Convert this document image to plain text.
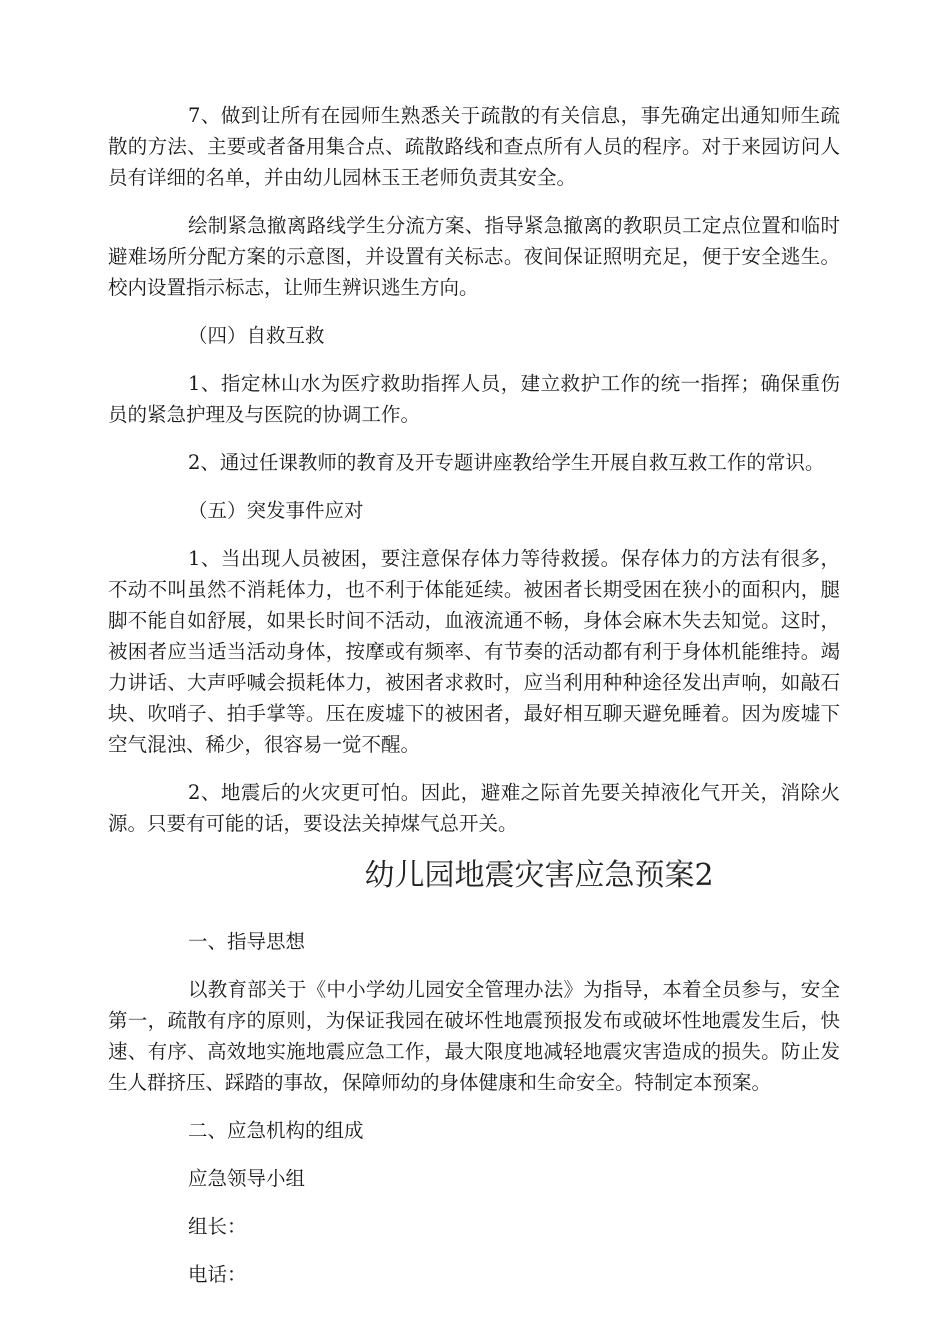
7、做到让所有在园师生熟悉关于疏散的有关信息，事先确定出通知师生疏散的方法、主要或者备用集合点、疏散路线和查点所有人员的程序。对于来园访问人员有详细的名单，并由幼儿园林玉王老师负责其安全。

绘制紧急撤离路线学生分流方案、指导紧急撤离的教职员工定点位置和临时避难场所分配方案的示意图，并设置有关标志。夜间保证照明充足，便于安全逃生。校内设置指示标志，让师生辨识逃生方向。

（四）自救互救

1、指定林山水为医疗救助指挥人员，建立救护工作的统一指挥；确保重伤员的紧急护理及与医院的协调工作。

2、通过任课教师的教育及开专题讲座教给学生开展自救互救工作的常识。

（五）突发事件应对

1、当出现人员被困，要注意保存体力等待救援。保存体力的方法有很多，不动不叫虽然不消耗体力，也不利于体能延续。被困者长期受困在狭小的面积内，腿脚不能自如舒展，如果长时间不活动，血液流通不畅，身体会麻木失去知觉。这时，被困者应当适当活动身体，按摩或有频率、有节奏的活动都有利于身体机能维持。竭力讲话、大声呼喊会损耗体力，被困者求救时，应当利用种种途径发出声响，如敲石块、吹哨子、拍手掌等。压在废墟下的被困者，最好相互聊天避免睡着。因为废墟下空气混浊、稀少，很容易一觉不醒。

2、地震后的火灾更可怕。因此，避难之际首先要关掉液化气开关，消除火源。只要有可能的话，要设法关掉煤气总开关。

幼儿园地震灾害应急预案2

一、指导思想

以教育部关于《中小学幼儿园安全管理办法》为指导，本着全员参与，安全第一，疏散有序的原则，为保证我园在破坏性地震预报发布或破坏性地震发生后，快速、有序、高效地实施地震应急工作，最大限度地减轻地震灾害造成的损失。防止发生人群挤压、踩踏的事故，保障师幼的身体健康和生命安全。特制定本预案。

二、应急机构的组成

应急领导小组

组长：

电话：
